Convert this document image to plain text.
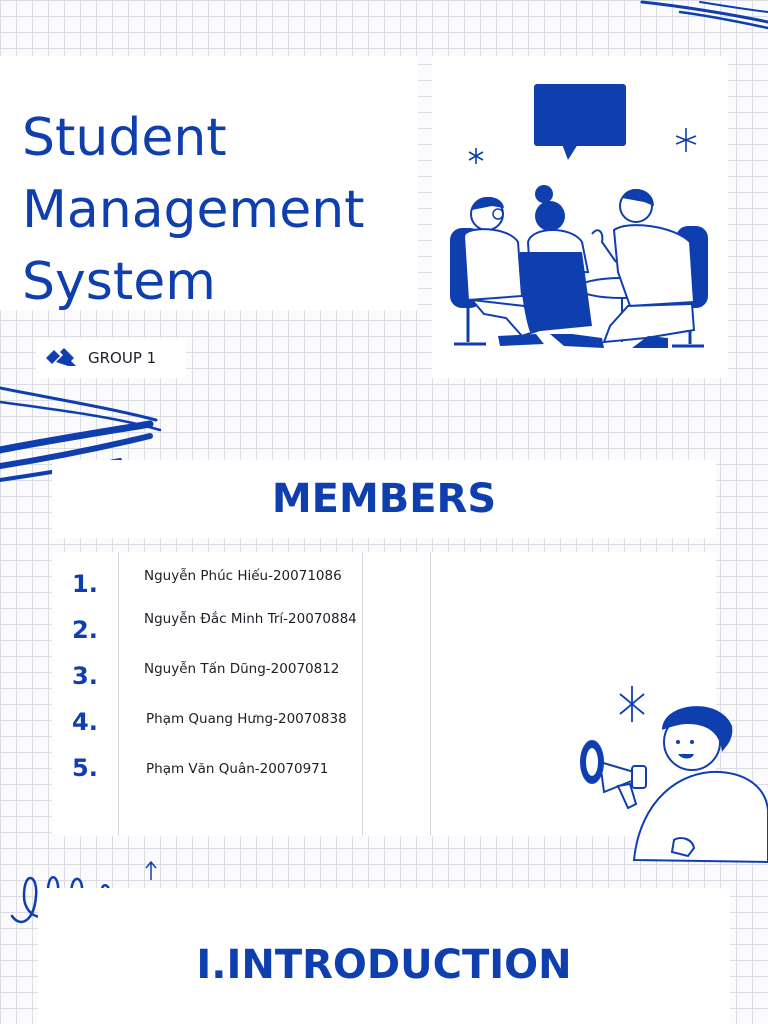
Student
Management
System
GROUP 1
MEMBERS
1.	Nguyễn Phúc Hiếu-20071086
2.	Nguyễn Đắc Minh Trí-20070884
3.	Nguyễn Tấn Dũng-20070812
4.	Phạm Quang Hưng-20070838
5.	Phạm Văn Quân-20070971
I.INTRODUCTION
